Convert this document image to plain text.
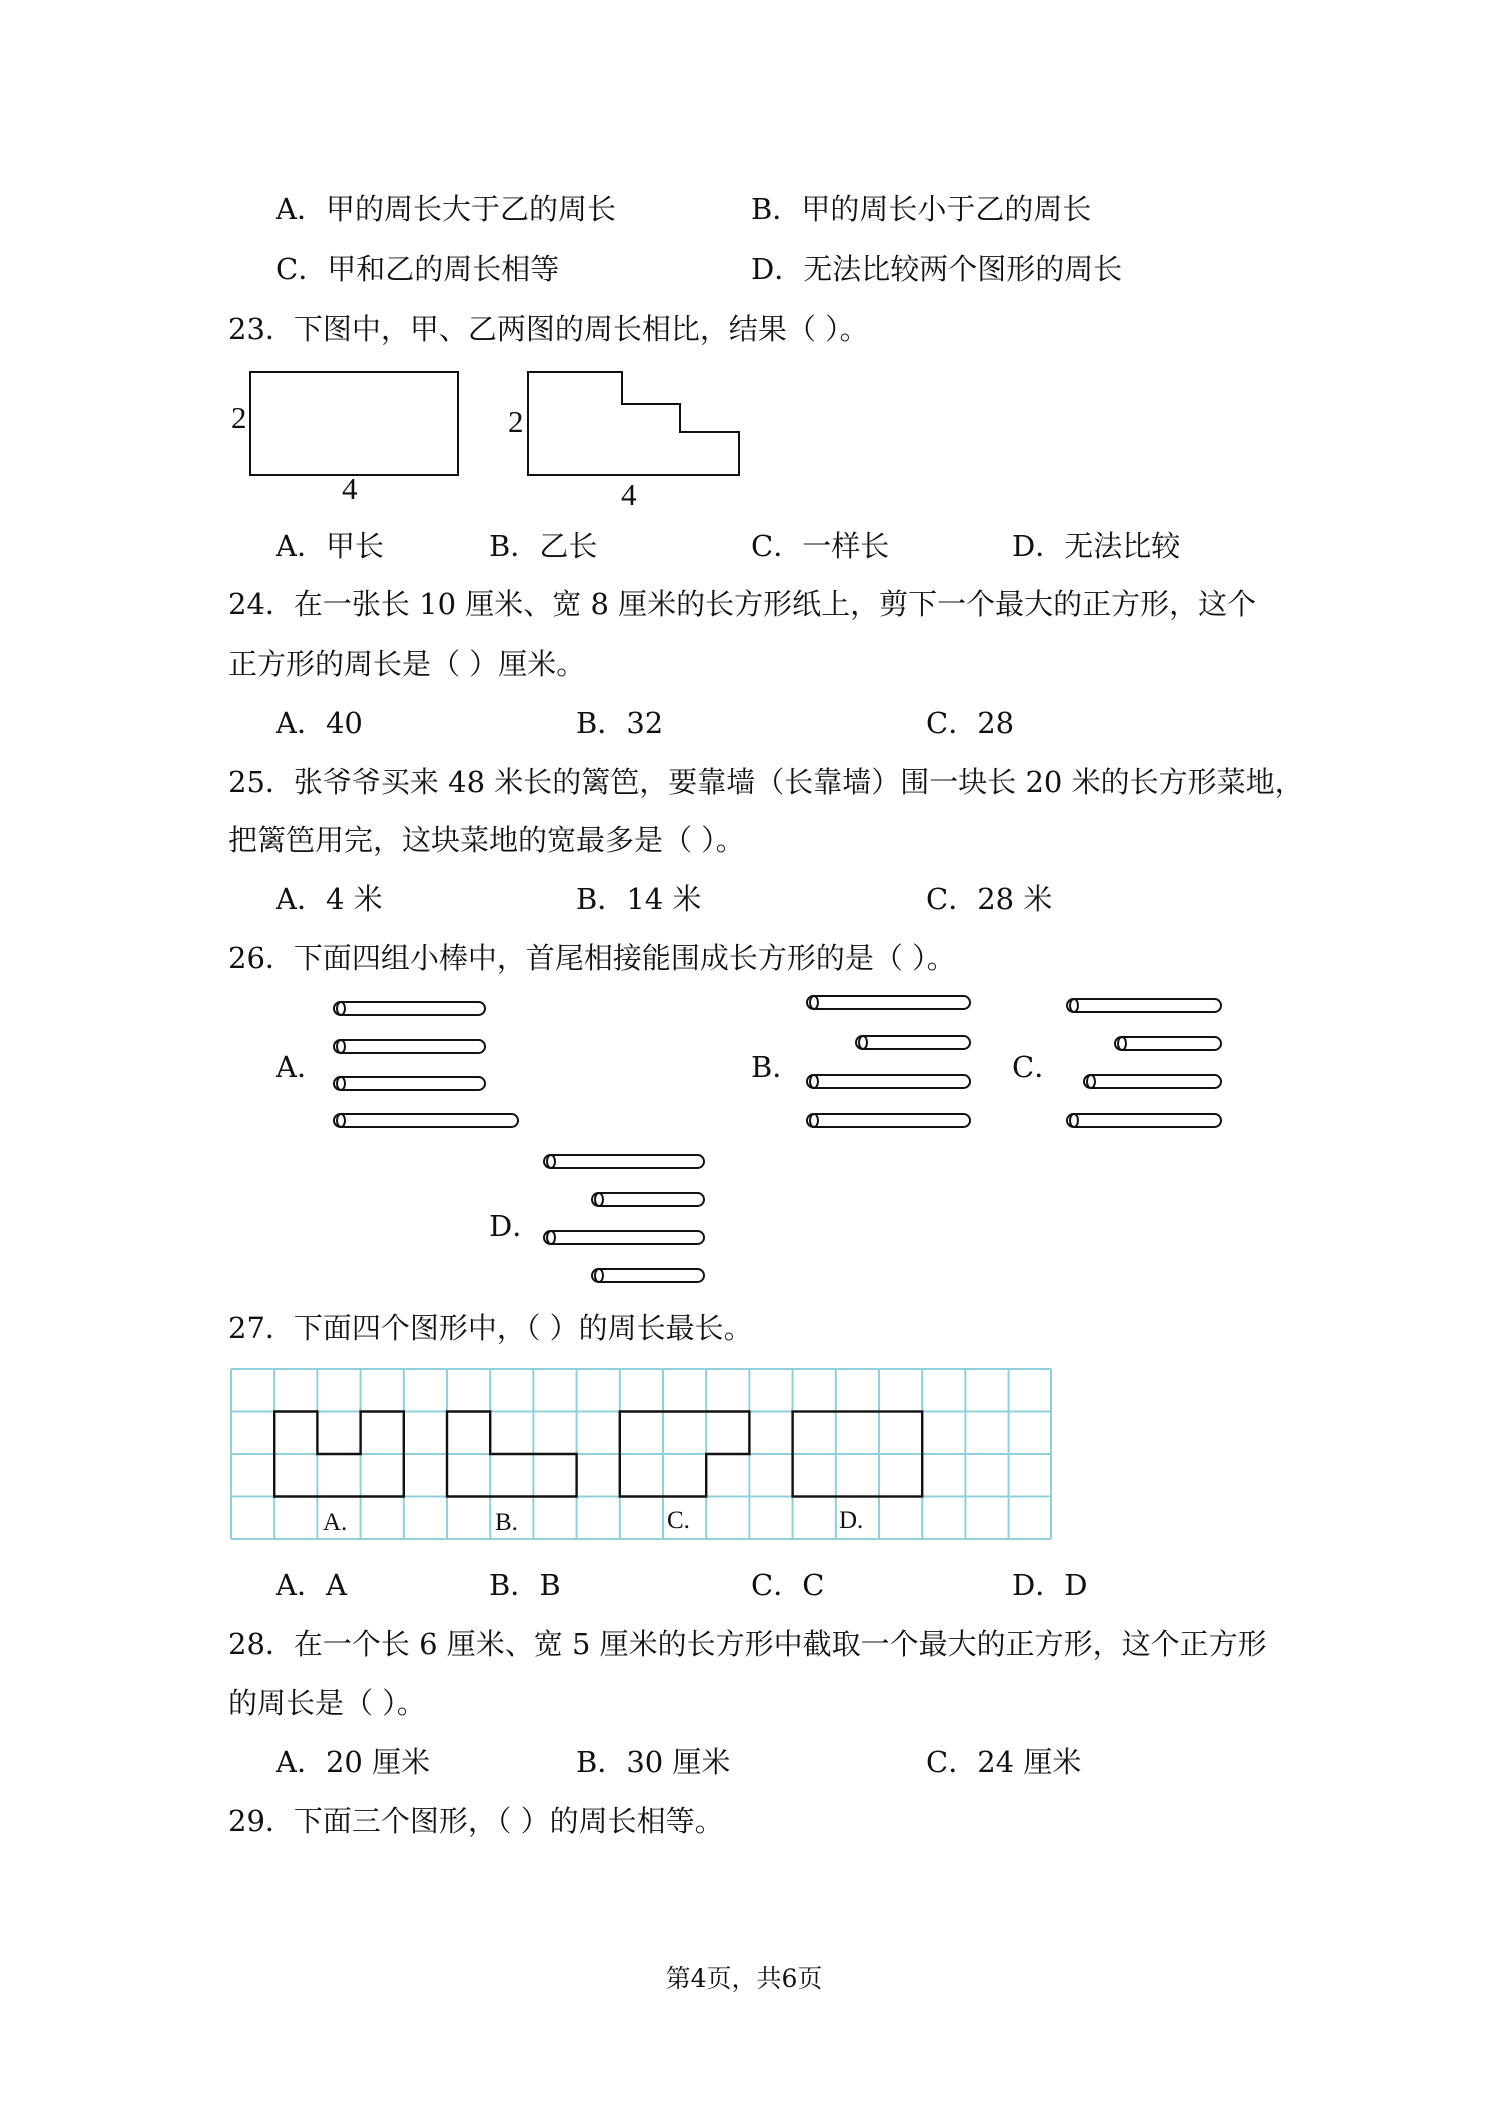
A．甲的周长大于乙的周长	B．甲的周长小于乙的周长
C．甲和乙的周长相等	D．无法比较两个图形的周长
23．下图中，甲、乙两图的周长相比，结果（ ）。
2
4
2
4
A．甲长	B．乙长	C．一样长	D．无法比较
24．在一张长 10 厘米、宽 8 厘米的长方形纸上，剪下一个最大的正方形，这个
正方形的周长是（ ）厘米。
A．40	B．32	C．28
25．张爷爷买来 48 米长的篱笆，要靠墙（长靠墙）围一块长 20 米的长方形菜地，
把篱笆用完，这块菜地的宽最多是（ ）。
A．4 米	B．14 米	C．28 米
26．下面四组小棒中，首尾相接能围成长方形的是（ ）。
A．	B．	C．
D．
27．下面四个图形中，（ ）的周长最长。
A.	B.	C.	D.
A．A	B．B	C．C	D．D
28．在一个长 6 厘米、宽 5 厘米的长方形中截取一个最大的正方形，这个正方形
的周长是（ ）。
A．20 厘米	B．30 厘米	C．24 厘米
29．下面三个图形，（ ）的周长相等。
第4页，共6页
